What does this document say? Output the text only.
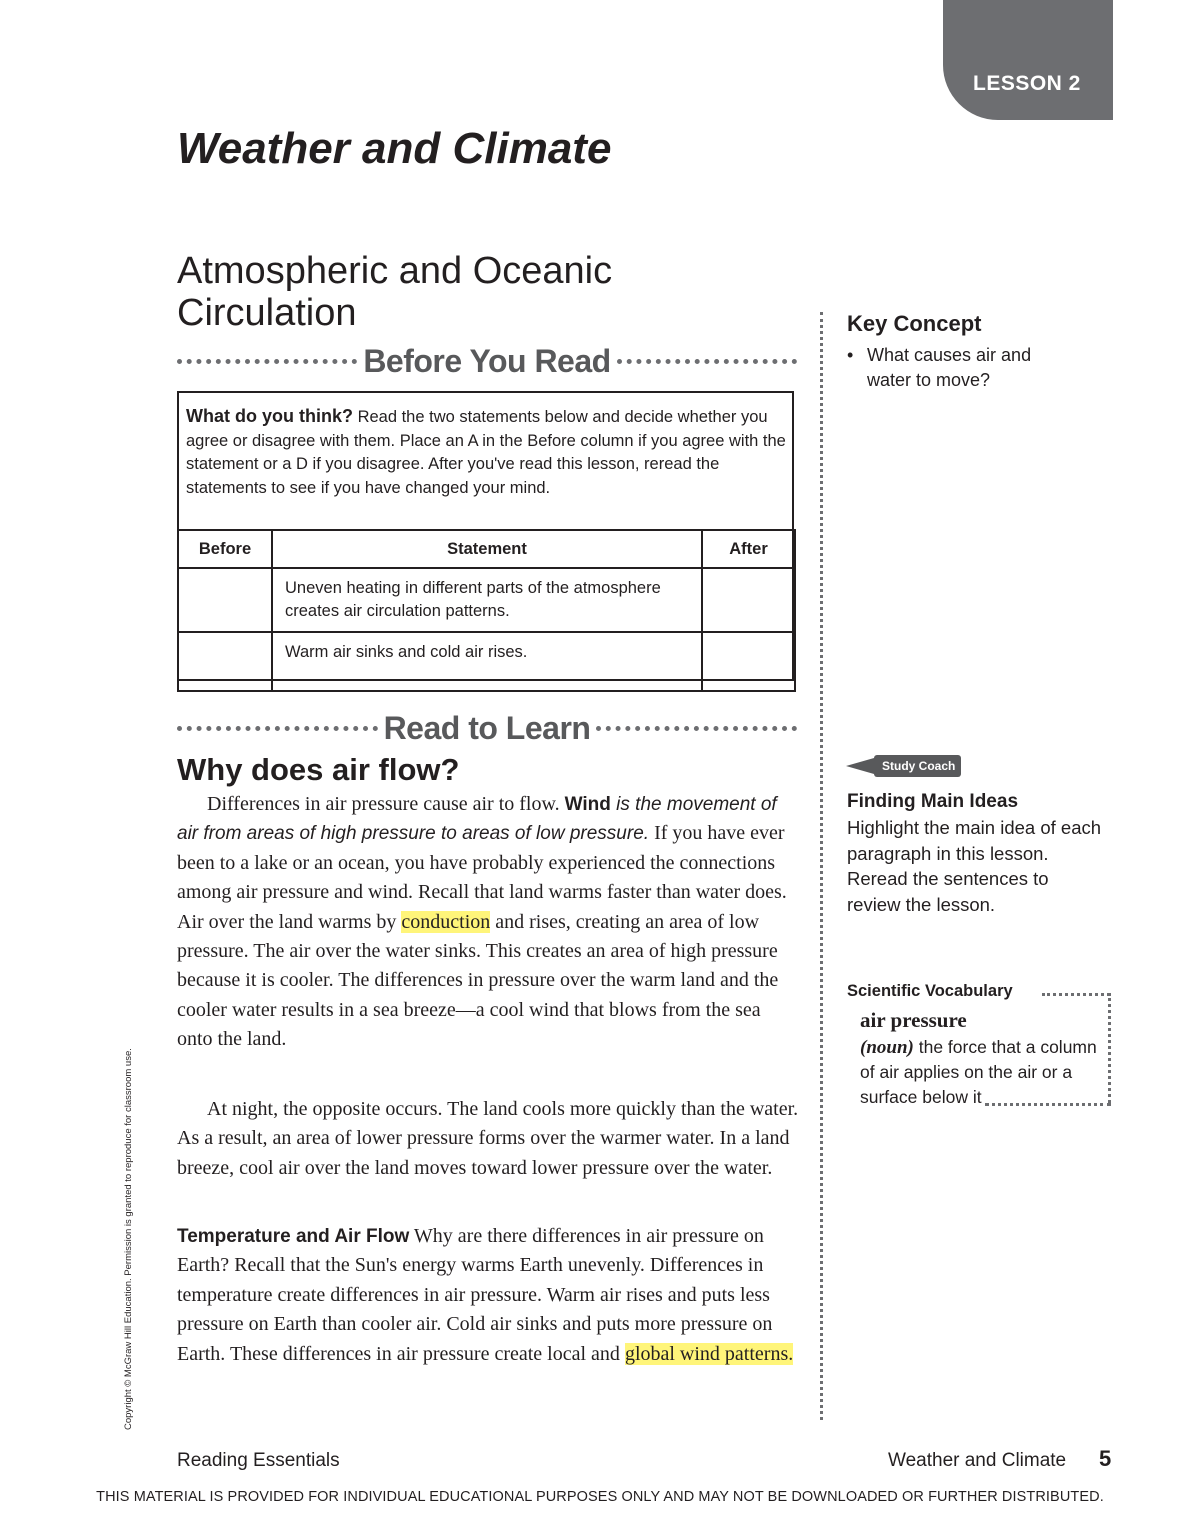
LESSON 2
Weather and Climate
Atmospheric and Oceanic Circulation
Before You Read
What do you think? Read the two statements below and decide whether you agree or disagree with them. Place an A in the Before column if you agree with the statement or a D if you disagree. After you've read this lesson, reread the statements to see if you have changed your mind.
Before	Statement	After
	Uneven heating in different parts of the atmosphere creates air circulation patterns.	
	Warm air sinks and cold air rises.	
Read to Learn
Why does air flow?

Differences in air pressure cause air to flow. Wind is the movement of air from areas of high pressure to areas of low pressure. If you have ever been to a lake or an ocean, you have probably experienced the connections among air pressure and wind. Recall that land warms faster than water does. Air over the land warms by conduction and rises, creating an area of low pressure. The air over the water sinks. This creates an area of high pressure because it is cooler. The differences in pressure over the warm land and the cooler water results in a sea breeze—a cool wind that blows from the sea onto the land.

At night, the opposite occurs. The land cools more quickly than the water. As a result, an area of lower pressure forms over the warmer water. In a land breeze, cool air over the land moves toward lower pressure over the water.

Temperature and Air Flow Why are there differences in air pressure on Earth? Recall that the Sun's energy warms Earth unevenly. Differences in temperature create differences in air pressure. Warm air rises and puts less pressure on Earth than cooler air. Cold air sinks and puts more pressure on Earth. These differences in air pressure create local and global wind patterns.

Key Concept
• What causes air and
water to move?
Study Coach
Finding Main Ideas
Highlight the main idea of each paragraph in this lesson. Reread the sentences to review the lesson.
Scientific Vocabulary
air pressure
(noun) the force that a column of air applies on the air or a surface below it
Copyright © McGraw Hill Education. Permission is granted to reproduce for classroom use.
Reading Essentials	Weather and Climate 5
THIS MATERIAL IS PROVIDED FOR INDIVIDUAL EDUCATIONAL PURPOSES ONLY AND MAY NOT BE DOWNLOADED OR FURTHER DISTRIBUTED.
